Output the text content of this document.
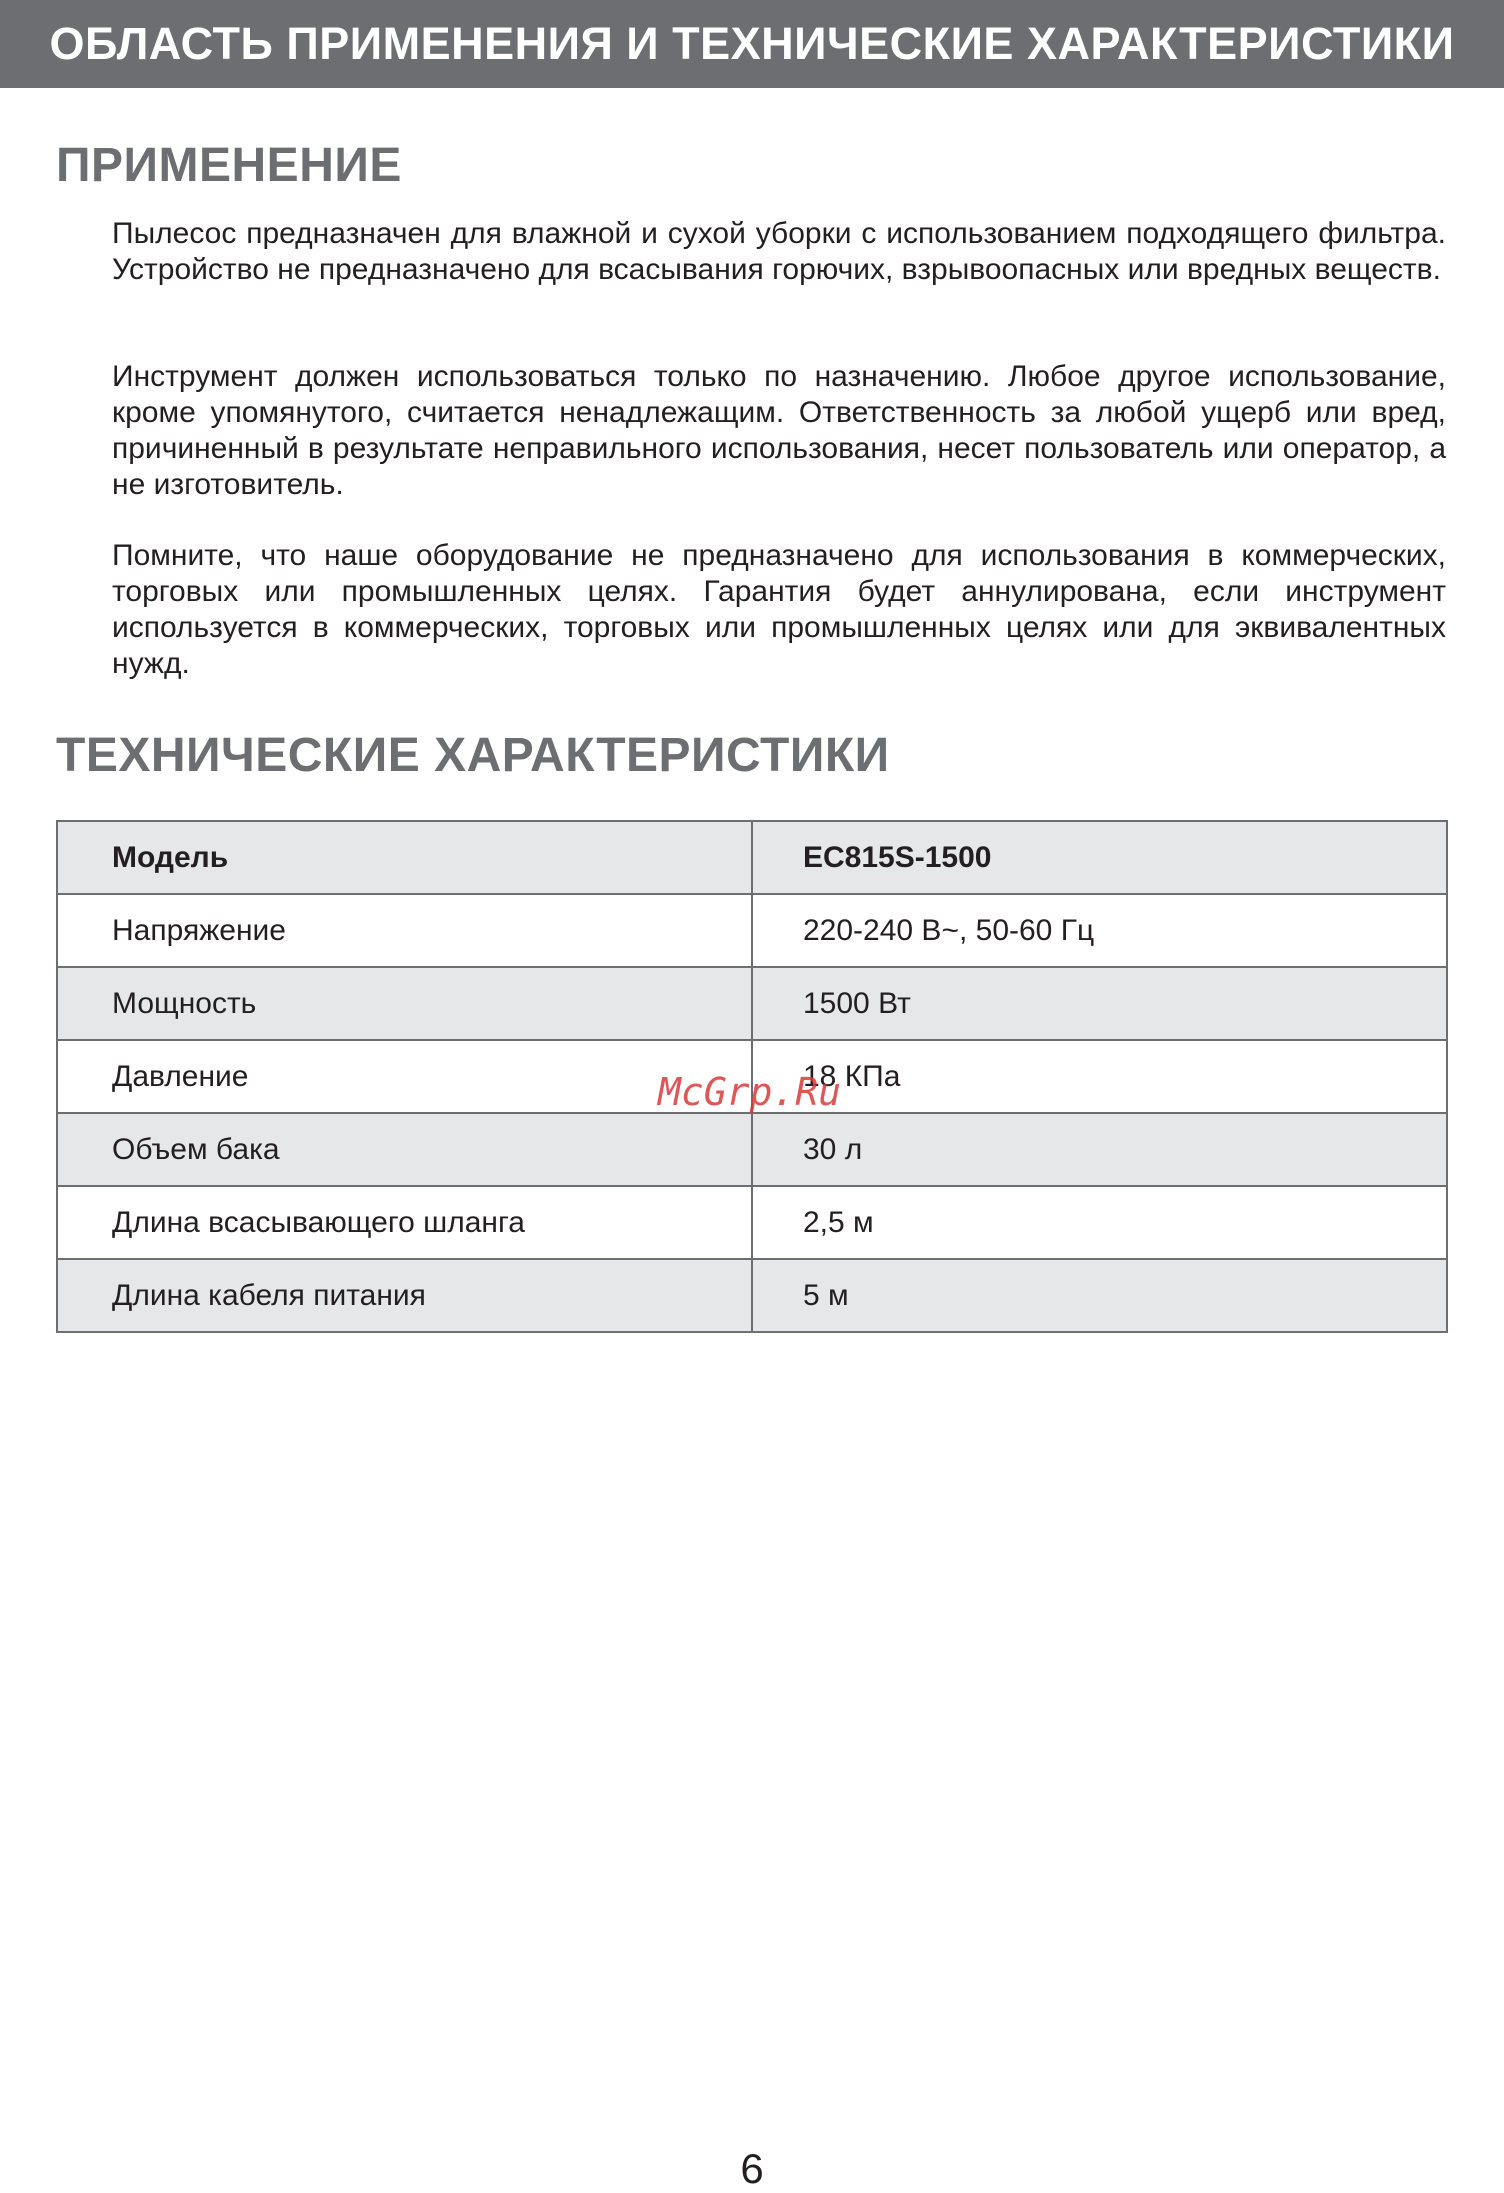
ОБЛАСТЬ ПРИМЕНЕНИЯ И ТЕХНИЧЕСКИЕ ХАРАКТЕРИСТИКИ
ПРИМЕНЕНИЕ

Пылесос предназначен для влажной и сухой уборки с использованием подходящего фильтра. Устройство не предназначено для всасывания горючих, взрывоопасных или вредных веществ.

Инструмент должен использоваться только по назначению. Любое другое использование, кроме упомянутого, считается ненадлежащим. Ответственность за любой ущерб или вред, причиненный в результате неправильного использования, несет пользователь или оператор, а не изготовитель.

Помните, что наше оборудование не предназначено для использования в коммерческих, торговых или промышленных целях. Гарантия будет аннулирована, если инструмент используется в коммерческих, торговых или промышленных целях или для эквивалентных нужд.

ТЕХНИЧЕСКИЕ ХАРАКТЕРИСТИКИ
Модель	EC815S-1500
Напряжение	220-240 В~, 50-60 Гц
Мощность	1500 Вт
Давление	18 КПа
Объем бака	30 л
Длина всасывающего шланга	2,5 м
Длина кабеля питания	5 м
McGrp.Ru
6
